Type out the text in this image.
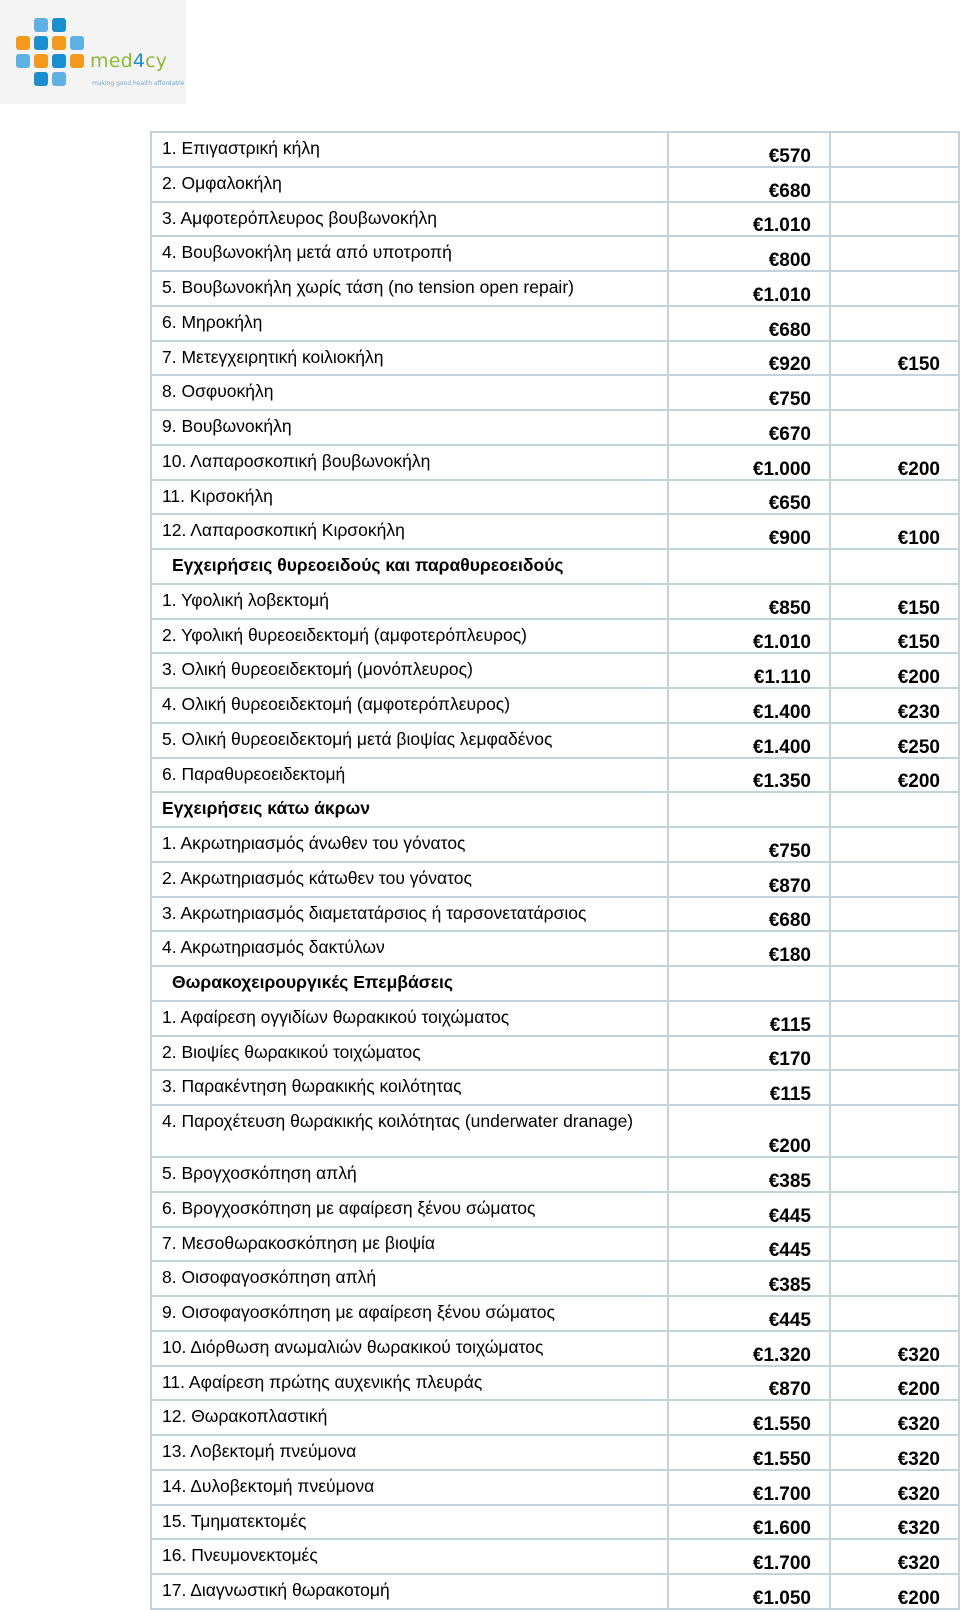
med4cy
making good health affordable
1. Επιγαστρική κήλη	€570	
2. Ομφαλοκήλη	€680	
3. Αμφοτερόπλευρος βουβωνοκήλη	€1.010	
4. Βουβωνοκήλη μετά από υποτροπή	€800	
5. Βουβωνοκήλη χωρίς τάση (no tension open repair)	€1.010	
6. Μηροκήλη	€680	
7. Μετεγχειρητική κοιλιοκήλη	€920	€150
8. Οσφυοκήλη	€750	
9. Βουβωνοκήλη	€670	
10. Λαπαροσκοπική βουβωνοκήλη	€1.000	€200
11. Κιρσοκήλη	€650	
12. Λαπαροσκοπική Κιρσοκήλη	€900	€100
Εγχειρήσεις θυρεοειδούς και παραθυρεοειδούς		
1. Υφολική λοβεκτομή	€850	€150
2. Υφολική θυρεοειδεκτομή (αμφοτερόπλευρος)	€1.010	€150
3. Ολική θυρεοειδεκτομή (μονόπλευρος)	€1.110	€200
4. Ολική θυρεοειδεκτομή (αμφοτερόπλευρος)	€1.400	€230
5. Ολική θυρεοειδεκτομή μετά βιοψίας λεμφαδένος	€1.400	€250
6. Παραθυρεοειδεκτομή	€1.350	€200
Εγχειρήσεις κάτω άκρων		
1. Ακρωτηριασμός άνωθεν του γόνατος	€750	
2. Ακρωτηριασμός κάτωθεν του γόνατος	€870	
3. Ακρωτηριασμός διαμετατάρσιος ή ταρσονετατάρσιος	€680	
4. Ακρωτηριασμός δακτύλων	€180	
Θωρακοχειρουργικές Επεμβάσεις		
1. Αφαίρεση ογγιδίων θωρακικού τοιχώματος	€115	
2. Βιοψίες θωρακικού τοιχώματος	€170	
3. Παρακέντηση θωρακικής κοιλότητας	€115	
4. Παροχέτευση θωρακικής κοιλότητας (underwater dranage)	€200	
5. Βρογχοσκόπηση απλή	€385	
6. Βρογχοσκόπηση με αφαίρεση ξένου σώματος	€445	
7. Μεσοθωρακοσκόπηση με βιοψία	€445	
8. Οισοφαγοσκόπηση απλή	€385	
9. Οισοφαγοσκόπηση με αφαίρεση ξένου σώματος	€445	
10. Διόρθωση ανωμαλιών θωρακικού τοιχώματος	€1.320	€320
11. Αφαίρεση πρώτης αυχενικής πλευράς	€870	€200
12. Θωρακοπλαστική	€1.550	€320
13. Λοβεκτομή πνεύμονα	€1.550	€320
14. Δυλοβεκτομή πνεύμονα	€1.700	€320
15. Τμηματεκτομές	€1.600	€320
16. Πνευμονεκτομές	€1.700	€320
17. Διαγνωστική θωρακοτομή	€1.050	€200
